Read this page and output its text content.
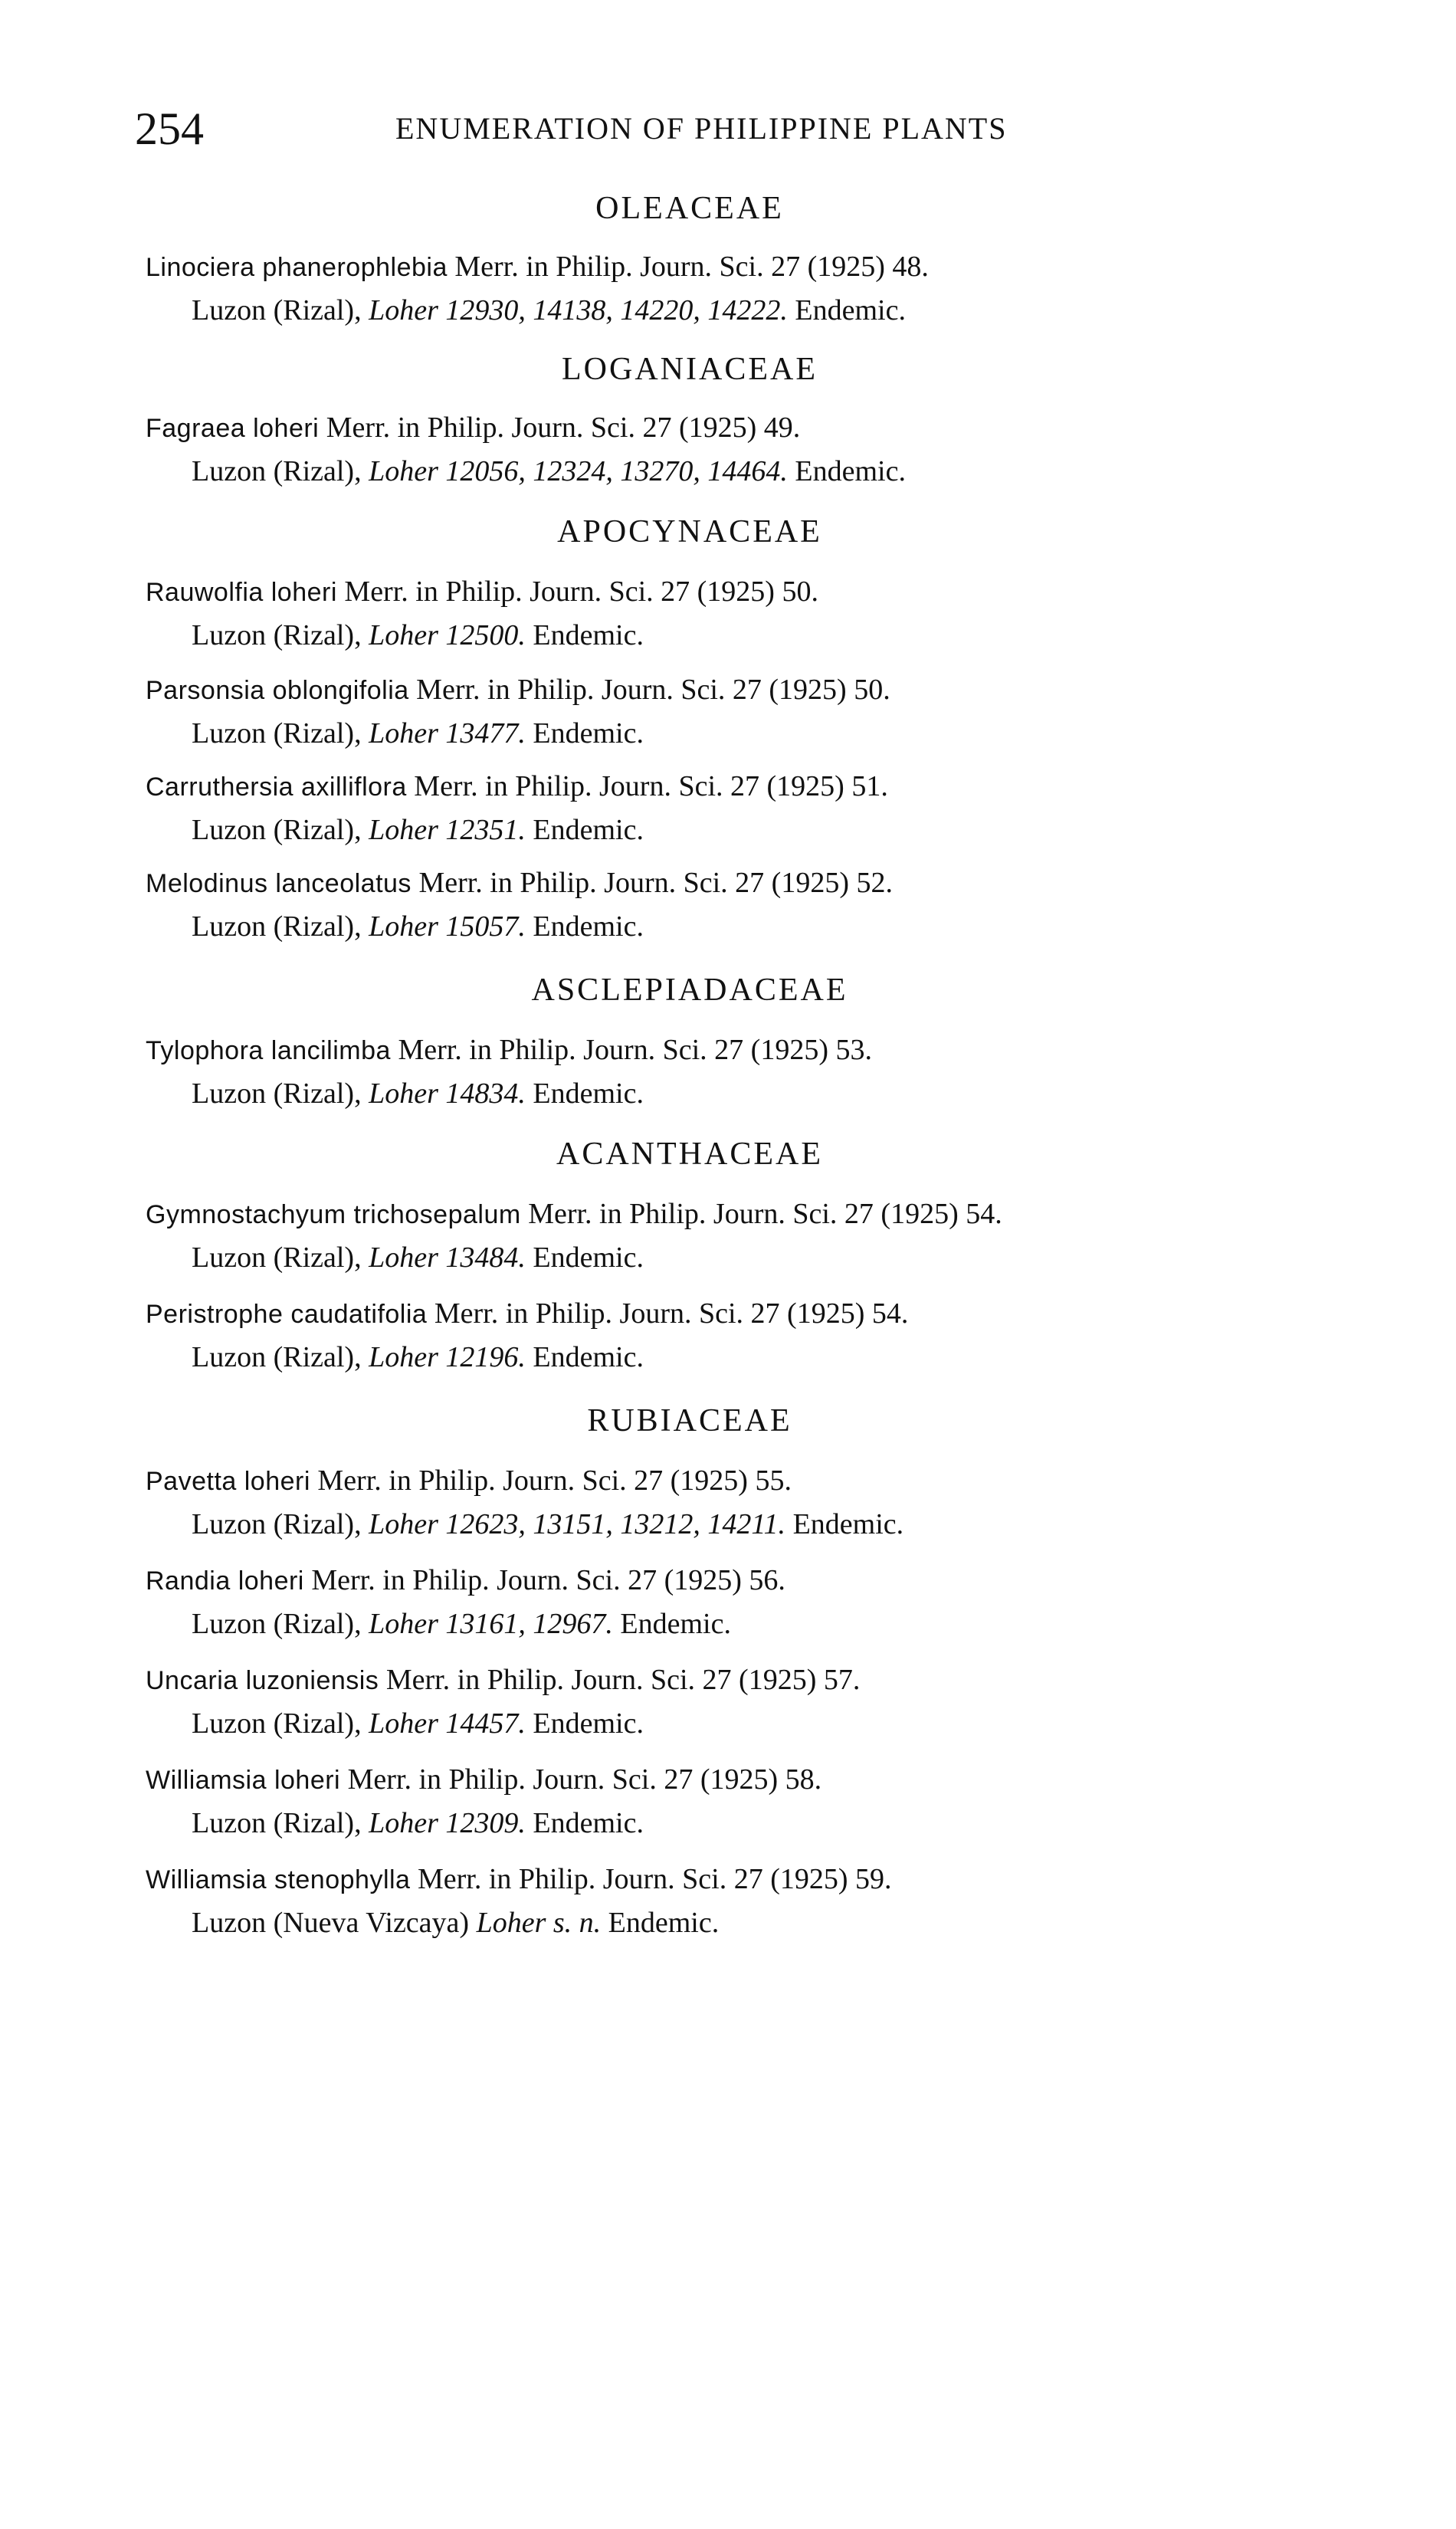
254	ENUMERATION OF PHILIPPINE PLANTS
OLEACEAE
Linociera phanerophlebia Merr. in Philip. Journ. Sci. 27 (1925) 48.
Luzon (Rizal), Loher 12930, 14138, 14220, 14222. Endemic.
LOGANIACEAE
Fagraea loheri Merr. in Philip. Journ. Sci. 27 (1925) 49.
Luzon (Rizal), Loher 12056, 12324, 13270, 14464. Endemic.
APOCYNACEAE
Rauwolfia loheri Merr. in Philip. Journ. Sci. 27 (1925) 50.
Luzon (Rizal), Loher 12500. Endemic.
Parsonsia oblongifolia Merr. in Philip. Journ. Sci. 27 (1925) 50.
Luzon (Rizal), Loher 13477. Endemic.
Carruthersia axilliflora Merr. in Philip. Journ. Sci. 27 (1925) 51.
Luzon (Rizal), Loher 12351. Endemic.
Melodinus lanceolatus Merr. in Philip. Journ. Sci. 27 (1925) 52.
Luzon (Rizal), Loher 15057. Endemic.
ASCLEPIADACEAE
Tylophora lancilimba Merr. in Philip. Journ. Sci. 27 (1925) 53.
Luzon (Rizal), Loher 14834. Endemic.
ACANTHACEAE
Gymnostachyum trichosepalum Merr. in Philip. Journ. Sci. 27 (1925) 54.
Luzon (Rizal), Loher 13484. Endemic.
Peristrophe caudatifolia Merr. in Philip. Journ. Sci. 27 (1925) 54.
Luzon (Rizal), Loher 12196. Endemic.
RUBIACEAE
Pavetta loheri Merr. in Philip. Journ. Sci. 27 (1925) 55.
Luzon (Rizal), Loher 12623, 13151, 13212, 14211. Endemic.
Randia loheri Merr. in Philip. Journ. Sci. 27 (1925) 56.
Luzon (Rizal), Loher 13161, 12967. Endemic.
Uncaria luzoniensis Merr. in Philip. Journ. Sci. 27 (1925) 57.
Luzon (Rizal), Loher 14457. Endemic.
Williamsia loheri Merr. in Philip. Journ. Sci. 27 (1925) 58.
Luzon (Rizal), Loher 12309. Endemic.
Williamsia stenophylla Merr. in Philip. Journ. Sci. 27 (1925) 59.
Luzon (Nueva Vizcaya) Loher s. n. Endemic.
